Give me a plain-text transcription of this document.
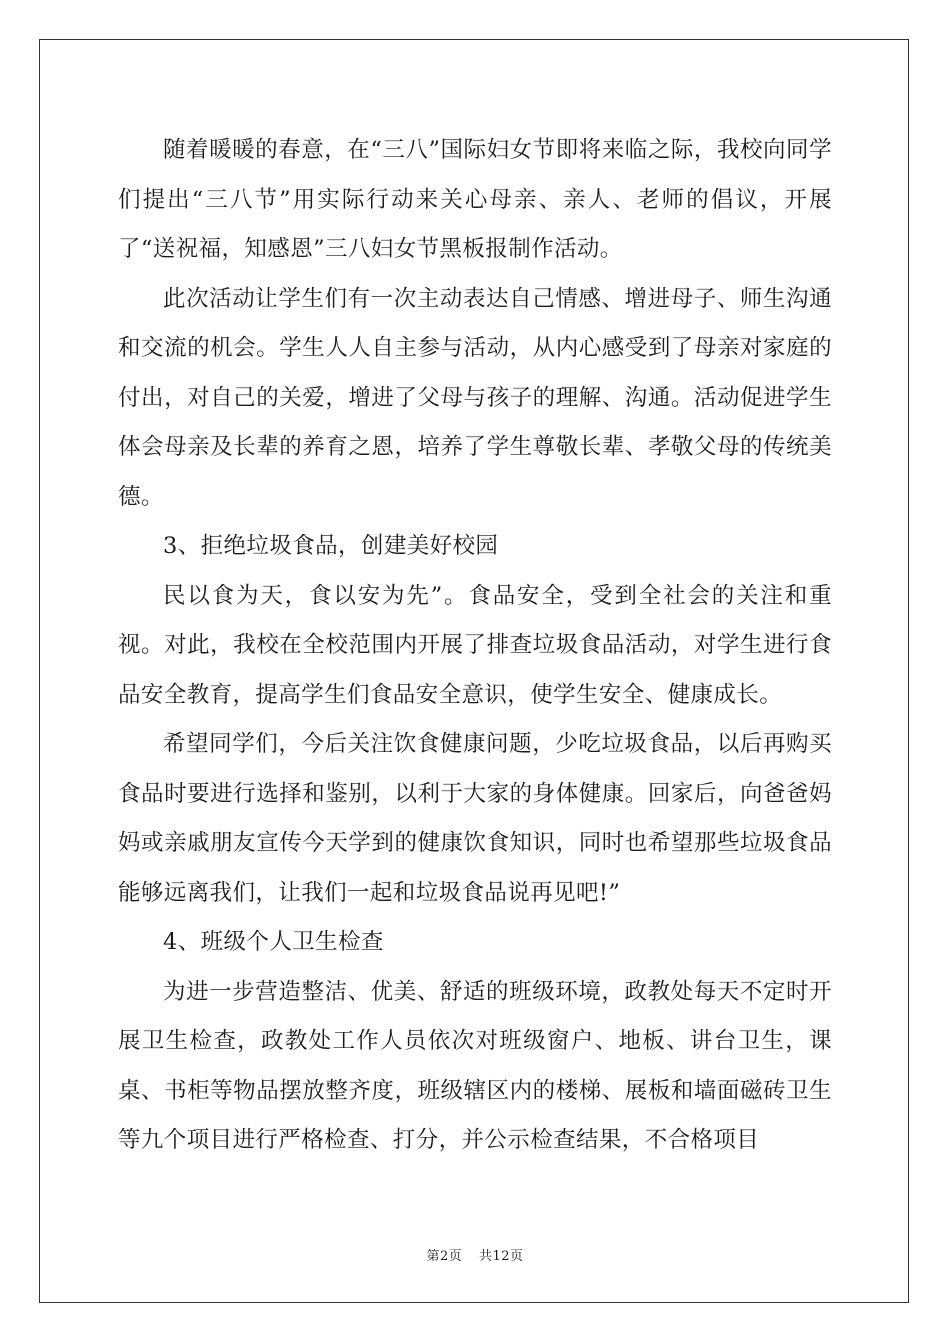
随着暖暖的春意，在“三八”国际妇女节即将来临之际，我校向同学们提出“三八节”用实际行动来关心母亲、亲人、老师的倡议，开展了“送祝福，知感恩”三八妇女节黑板报制作活动。

此次活动让学生们有一次主动表达自己情感、增进母子、师生沟通和交流的机会。学生人人自主参与活动，从内心感受到了母亲对家庭的付出，对自己的关爱，增进了父母与孩子的理解、沟通。活动促进学生体会母亲及长辈的养育之恩，培养了学生尊敬长辈、孝敬父母的传统美德。

3、拒绝垃圾食品，创建美好校园

民以食为天，食以安为先”。食品安全，受到全社会的关注和重视。对此，我校在全校范围内开展了排查垃圾食品活动，对学生进行食品安全教育，提高学生们食品安全意识，使学生安全、健康成长。

希望同学们，今后关注饮食健康问题，少吃垃圾食品，以后再购买食品时要进行选择和鉴别，以利于大家的身体健康。回家后，向爸爸妈妈或亲戚朋友宣传今天学到的健康饮食知识，同时也希望那些垃圾食品能够远离我们，让我们一起和垃圾食品说再见吧!”

4、班级个人卫生检查

为进一步营造整洁、优美、舒适的班级环境，政教处每天不定时开展卫生检查，政教处工作人员依次对班级窗户、地板、讲台卫生，课桌、书柜等物品摆放整齐度，班级辖区内的楼梯、展板和墙面磁砖卫生等九个项目进行严格检查、打分，并公示检查结果，不合格项目

第2页 共12页
